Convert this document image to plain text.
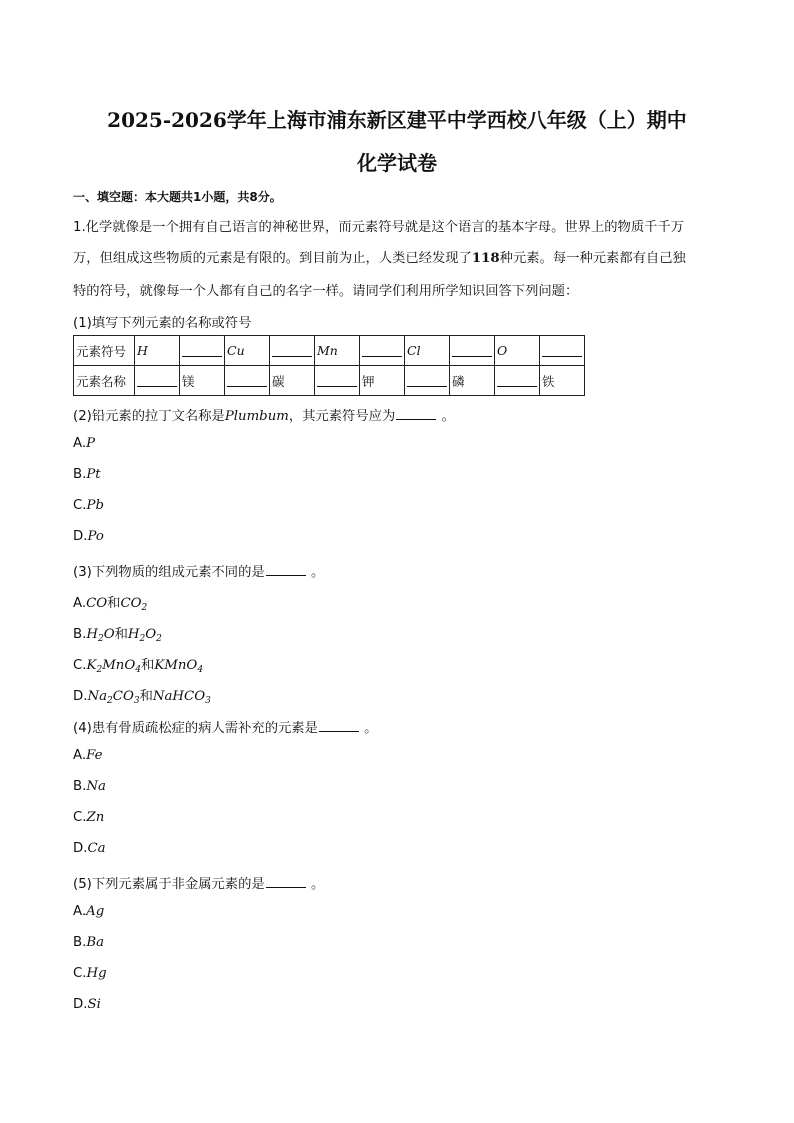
2025-2026学年上海市浦东新区建平中学西校八年级（上）期中
化学试卷
一、填空题：本大题共1小题，共8分。
1.化学就像是一个拥有自己语言的神秘世界，而元素符号就是这个语言的基本字母。世界上的物质千千万
万，但组成这些物质的元素是有限的。到目前为止，人类已经发现了118种元素。每一种元素都有自己独
特的符号，就像每一个人都有自己的名字一样。请同学们利用所学知识回答下列问题：
(1)填写下列元素的名称或符号
元素符号	H		Cu		Mn		Cl		O	

元素名称		镁		碳		钾		磷		铁
(2)铅元素的拉丁文名称是Plumbum，其元素符号应为	。
A.P
B.Pt
C.Pb
D.Po
(3)下列物质的组成元素不同的是	。
A.CO和$CO_2$
$B.H_2O$和$H_2O_2$
$C.K_2MnO_4$和KMnO$_4$
$D.Na_2CO_3$和NaHCO$_3$
(4)患有骨质疏松症的病人需补充的元素是	。
A.Fe
B.Na
C.Zn
D.Ca
(5)下列元素属于非金属元素的是	。
A.Ag
B.Ba
C.Hg
D.Si
